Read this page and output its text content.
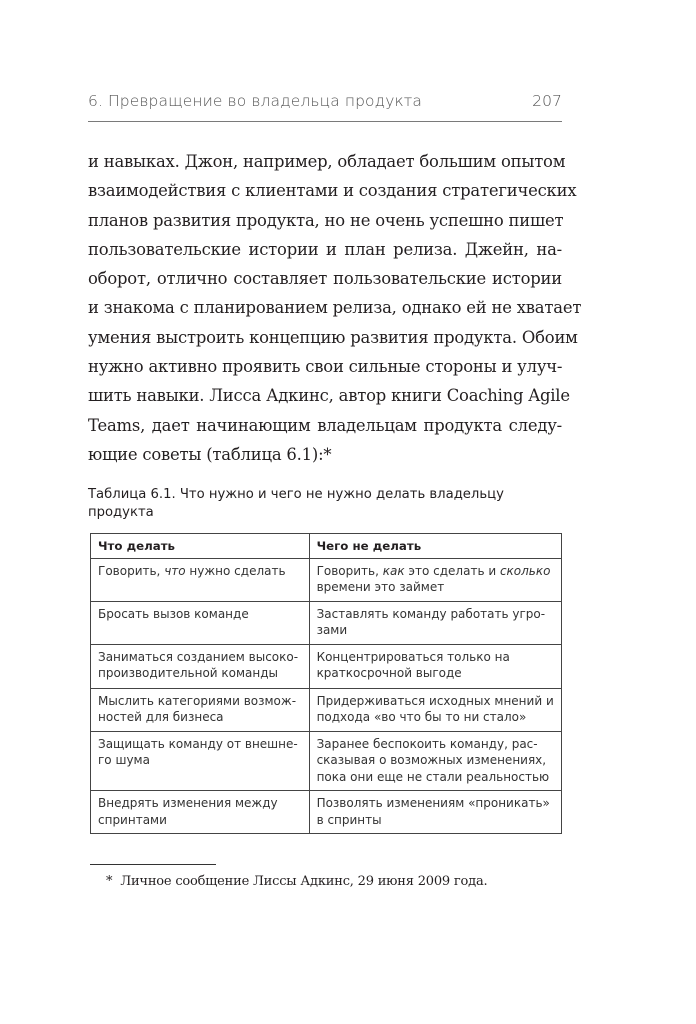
6. Превращение во владельца продукта	207
и навыках. Джон, например, обладает большим опытом
взаимодействия с клиентами и создания стратегических
планов развития продукта, но не очень успешно пишет
пользовательские истории и план релиза. Джейн, на-
оборот, отлично составляет пользовательские истории
и знакома с планированием релиза, однако ей не хватает
умения выстроить концепцию развития продукта. Обоим
нужно активно проявить свои сильные стороны и улуч-
шить навыки. Лисса Адкинс, автор книги Coaching Agile
Teams, дает начинающим владельцам продукта следу-
ющие советы (таблица 6.1):*
Таблица 6.1. Что нужно и чего не нужно делать владельцу продукта
Что делать	Чего не делать
Говорить, что нужно сделать	Говорить, как это сделать и сколько времени это займет
Бросать вызов команде	Заставлять команду работать угро-зами
Заниматься созданием высоко-производительной команды	Концентрироваться только на краткосрочной выгоде
Мыслить категориями возмож-ностей для бизнеса	Придерживаться исходных мнений и подхода «во что бы то ни стало»
Защищать команду от внешне-го шума	Заранее беспокоить команду, рас-сказывая о возможных изменениях, пока они еще не стали реальностью
Внедрять изменения между спринтами	Позволять изменениям «проникать» в спринты
* Личное сообщение Лиссы Адкинс, 29 июня 2009 года.
